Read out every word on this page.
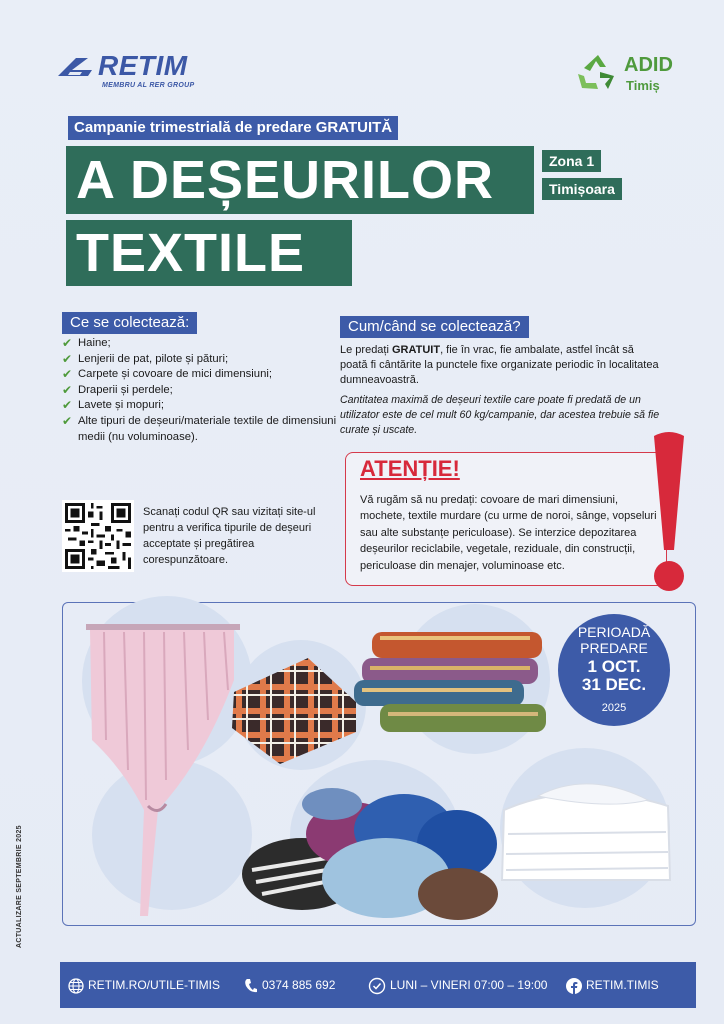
RETIM
MEMBRU AL RER GROUP
ADID
Timiș
Campanie trimestrială de predare GRATUITĂ
A DEȘEURILOR
TEXTILE
Zona 1
Timișoara
Ce se colectează:
✔ Haine;
✔ Lenjerii de pat, pilote și pături;
✔ Carpete și covoare de mici dimensiuni;
✔ Draperii și perdele;
✔ Lavete și mopuri;
✔ Alte tipuri de deșeuri/materiale textile de dimensiuni medii (nu voluminoase).
Cum/când se colectează?
Le predați GRATUIT, fie în vrac, fie ambalate, astfel încât să poată fi cântărite la punctele fixe organizate periodic în localitatea dumneavoastră.
Cantitatea maximă de deșeuri textile care poate fi predată de un utilizator este de cel mult 60 kg/campanie, dar acestea trebuie să fie curate și uscate.
ATENȚIE!
Vă rugăm să nu predați: covoare de mari dimensiuni, mochete, textile murdare (cu urme de noroi, sânge, vopseluri sau alte substanțe periculoase). Se interzice depozitarea deșeurilor reciclabile, vegetale, reziduale, din construcții, periculoase din menajer, voluminoase etc.
Scanați codul QR sau vizitați site-ul pentru a verifica tipurile de deșeuri acceptate și pregătirea corespunzătoare.
PERIOADĂ
PREDARE
1 OCT.
31 DEC.
2025
ACTUALIZARE SEPTEMBRIE 2025
RETIM.RO/UTILE-TIMIS	0374 885 692	LUNI – VINERI 07:00 – 19:00	RETIM.TIMIS
